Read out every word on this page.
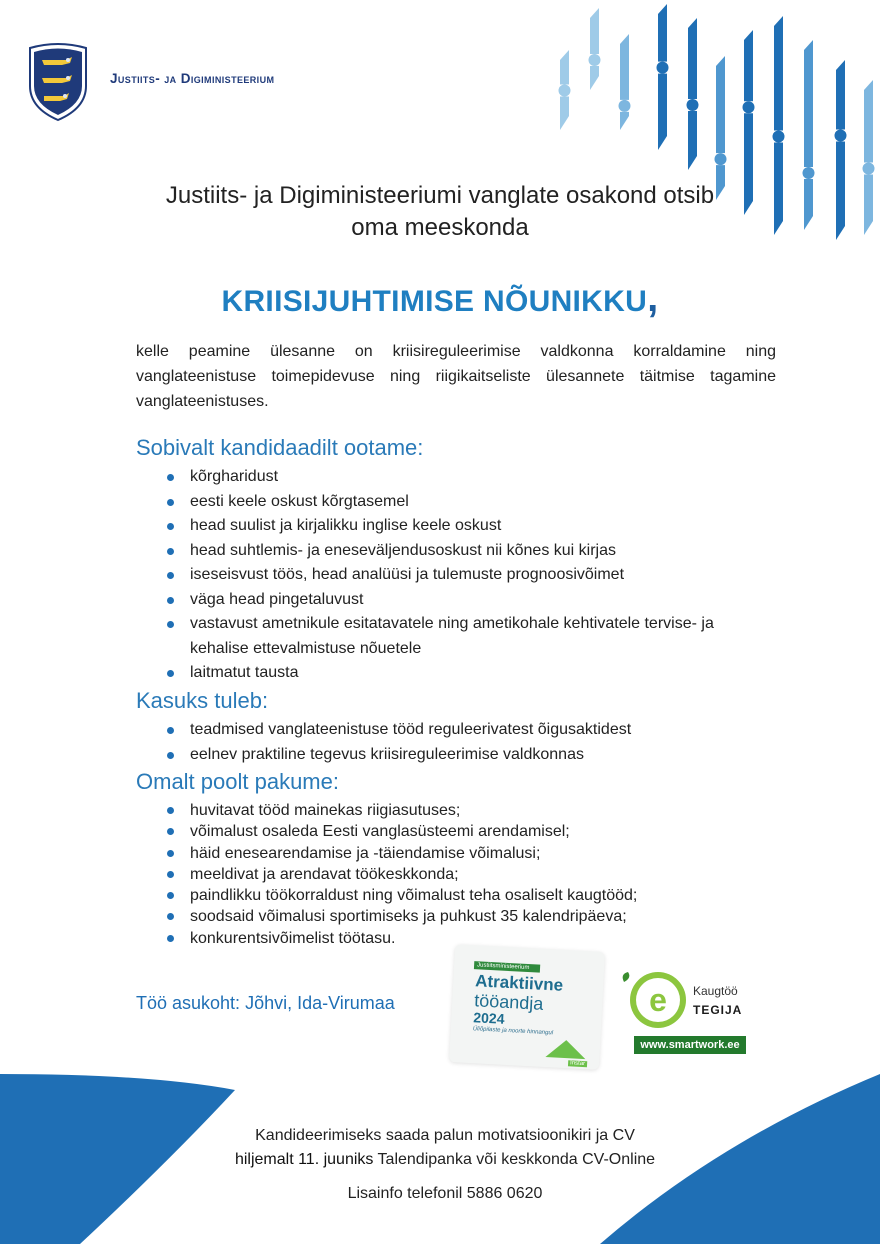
Justiits- ja Digiministeerium
Justiits- ja Digiministeeriumi vanglate osakond otsib
oma meeskonda
KRIISIJUHTIMISE NÕUNIKKU,

kelle peamine ülesanne on kriisireguleerimise valdkonna korraldamine ning vanglateenistuse toimepidevuse ning riigikaitseliste ülesannete täitmise tagamine vanglateenistuses.

Sobivalt kandidaadilt ootame:
kõrgharidust
eesti keele oskust kõrgtasemel
head suulist ja kirjalikku inglise keele oskust
head suhtlemis- ja eneseväljendusoskust nii kõnes kui kirjas
iseseisvust töös, head analüüsi ja tulemuste prognoosivõimet
väga head pingetaluvust
vastavust ametnikule esitatavatele ning ametikohale kehtivatele tervise- ja kehalise ettevalmistuse nõuetele
laitmatut tausta
Kasuks tuleb:
teadmised vanglateenistuse tööd reguleerivatest õigusaktidest
eelnev praktiline tegevus kriisireguleerimise valdkonnas
Omalt poolt pakume:
huvitavat tööd mainekas riigiasutuses;
võimalust osaleda Eesti vanglasüsteemi arendamisel;
häid enesearendamise ja -täiendamise võimalusi;
meeldivat ja arendavat töökeskkonda;
paindlikku töökorraldust ning võimalust teha osaliselt kaugtööd;
soodsaid võimalusi sportimiseks ja puhkust 35 kalendripäeva;
konkurentsivõimelist töötasu.
Töö asukoht: Jõhvi, Ida-Virumaa
Justiitsministeerium
Atraktiivne
tööandja
2024
Üliõpilaste ja noorte hinnangul
Instar
e Kaugtöö
TEGIJA
www.smartwork.ee
Kandideerimiseks saada palun motivatsioonikiri ja CV
hiljemalt 11. juuniks Talendipanka või keskkonda CV-Online
Lisainfo telefonil 5886 0620
